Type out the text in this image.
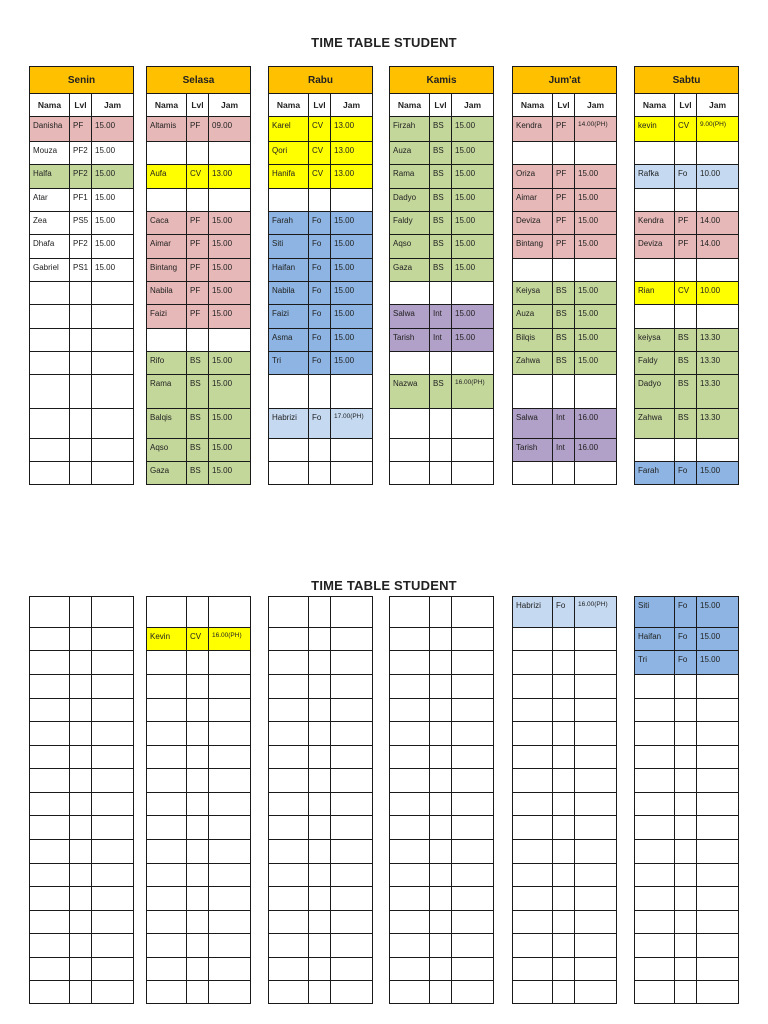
TIME TABLE STUDENT
TIME TABLE STUDENT
Senin		
Nama	Lvl	Jam
Danisha	PF	15.00
Mouza	PF2	15.00
Halfa	PF2	15.00
Atar	PF1	15.00
Zea	PS5	15.00
Dhafa	PF2	15.00
Gabriel	PS1	15.00

Selasa		
Nama	Lvl	Jam
Altamis	PF	09.00

Aufa	CV	13.00

Caca	PF	15.00
Aimar	PF	15.00
Bintang	PF	15.00
Nabila	PF	15.00
Faizi	PF	15.00

Rifo	BS	15.00
Rama	BS	15.00
Balqis	BS	15.00
Aqso	BS	15.00
Gaza	BS	15.00
Rabu		
Nama	Lvl	Jam
Karel	CV	13.00
Qori	CV	13.00
Hanifa	CV	13.00

Farah	Fo	15.00
Siti	Fo	15.00
Haifan	Fo	15.00
Nabila	Fo	15.00
Faizi	Fo	15.00
Asma	Fo	15.00
Tri	Fo	15.00

Habrizi	Fo	17.00(PH)

Kamis		
Nama	Lvl	Jam
Firzah	BS	15.00
Auza	BS	15.00
Rama	BS	15.00
Dadyo	BS	15.00
Faldy	BS	15.00
Aqso	BS	15.00
Gaza	BS	15.00

Salwa	Int	15.00
Tarish	Int	15.00

Nazwa	BS	16.00(PH)

Jum'at		
Nama	Lvl	Jam
Kendra	PF	14.00(PH)

Oriza	PF	15.00
Aimar	PF	15.00
Deviza	PF	15.00
Bintang	PF	15.00

Keiysa	BS	15.00
Auza	BS	15.00
Bilqis	BS	15.00
Zahwa	BS	15.00

Salwa	Int	16.00
Tarish	Int	16.00

Sabtu		
Nama	Lvl	Jam
kevin	CV	9.00(PH)

Rafka	Fo	10.00

Kendra	PF	14.00
Deviza	PF	14.00

Rian	CV	10.00

keiysa	BS	13.30
Faldy	BS	13.30
Dadyo	BS	13.30
Zahwa	BS	13.30

Farah	Fo	15.00

Kevin	CV	16.00(PH)

Habrizi	Fo	16.00(PH)

			Siti	Fo	15.00
Haifan	Fo	15.00
Tri	Fo	15.00
